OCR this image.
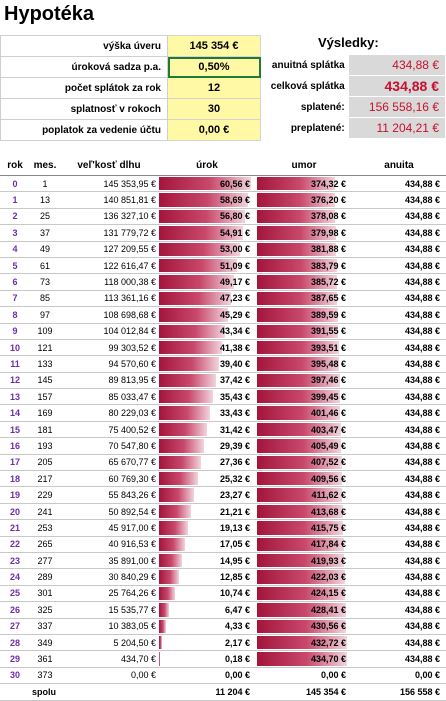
Hypotéka
výška úveru	145 354 €
úroková sadza p.a.	0,50%
počet splátok za rok	12
splatnosť v rokoch	30
poplatok za vedenie účtu	0,00 €
Výsledky:
anuitná splátka	434,88 €
celková splátka	434,88 €
splatené:	156 558,16 €
preplatené:	11 204,21 €
rok	mes.	veľ'kosť dlhu	úrok	umor	anuita
0	1	145 353,95 €	60,56 €	374,32 €	434,88 €
1	13	140 851,81 €	58,69 €	376,20 €	434,88 €
2	25	136 327,10 €	56,80 €	378,08 €	434,88 €
3	37	131 779,72 €	54,91 €	379,98 €	434,88 €
4	49	127 209,55 €	53,00 €	381,88 €	434,88 €
5	61	122 616,47 €	51,09 €	383,79 €	434,88 €
6	73	118 000,38 €	49,17 €	385,72 €	434,88 €
7	85	113 361,16 €	47,23 €	387,65 €	434,88 €
8	97	108 698,68 €	45,29 €	389,59 €	434,88 €
9	109	104 012,84 €	43,34 €	391,55 €	434,88 €
10	121	99 303,52 €	41,38 €	393,51 €	434,88 €
11	133	94 570,60 €	39,40 €	395,48 €	434,88 €
12	145	89 813,95 €	37,42 €	397,46 €	434,88 €
13	157	85 033,47 €	35,43 €	399,45 €	434,88 €
14	169	80 229,03 €	33,43 €	401,46 €	434,88 €
15	181	75 400,52 €	31,42 €	403,47 €	434,88 €
16	193	70 547,80 €	29,39 €	405,49 €	434,88 €
17	205	65 670,77 €	27,36 €	407,52 €	434,88 €
18	217	60 769,30 €	25,32 €	409,56 €	434,88 €
19	229	55 843,26 €	23,27 €	411,62 €	434,88 €
20	241	50 892,54 €	21,21 €	413,68 €	434,88 €
21	253	45 917,00 €	19,13 €	415,75 €	434,88 €
22	265	40 916,53 €	17,05 €	417,84 €	434,88 €
23	277	35 891,00 €	14,95 €	419,93 €	434,88 €
24	289	30 840,29 €	12,85 €	422,03 €	434,88 €
25	301	25 764,26 €	10,74 €	424,15 €	434,88 €
26	325	15 535,77 €	6,47 €	428,41 €	434,88 €
27	337	10 383,05 €	4,33 €	430,56 €	434,88 €
28	349	5 204,50 €	2,17 €	432,72 €	434,88 €
29	361	434,70 €	0,18 €	434,70 €	434,88 €
30	373	0,00 €	0,00 €	0,00 €	0,00 €
	spolu		11 204 €	145 354 €	156 558 €
